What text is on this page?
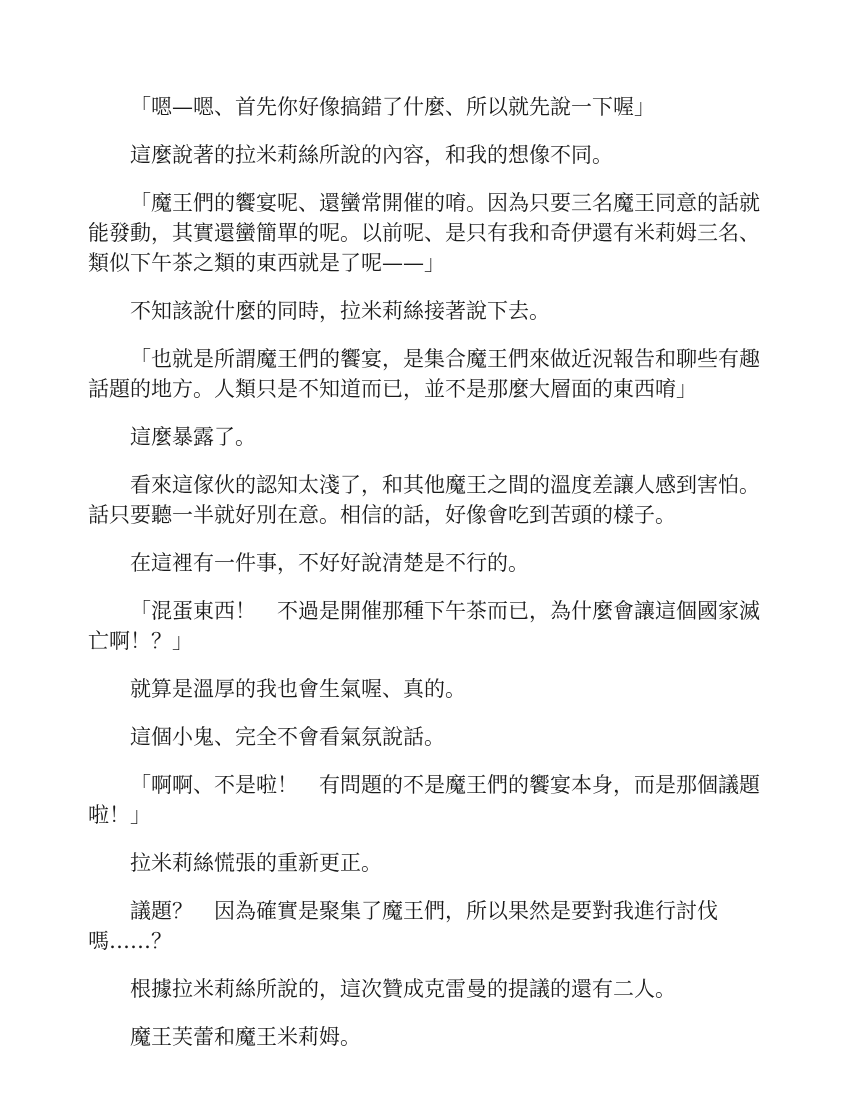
「嗯—嗯、首先你好像搞錯了什麼、所以就先說一下喔」

這麼說著的拉米莉絲所說的內容，和我的想像不同。

「魔王們的饗宴呢、還蠻常開催的唷。因為只要三名魔王同意的話就能發動，其實還蠻簡單的呢。以前呢、是只有我和奇伊還有米莉姆三名、類似下午茶之類的東西就是了呢——」

不知該說什麼的同時，拉米莉絲接著說下去。

「也就是所謂魔王們的饗宴，是集合魔王們來做近況報告和聊些有趣話題的地方。人類只是不知道而已，並不是那麼大層面的東西唷」

這麼暴露了。

看來這傢伙的認知太淺了，和其他魔王之間的溫度差讓人感到害怕。話只要聽一半就好別在意。相信的話，好像會吃到苦頭的樣子。

在這裡有一件事，不好好說清楚是不行的。

「混蛋東西！　不過是開催那種下午茶而已，為什麼會讓這個國家滅亡啊！？」

就算是溫厚的我也會生氣喔、真的。

這個小鬼、完全不會看氣氛說話。

「啊啊、不是啦！　有問題的不是魔王們的饗宴本身，而是那個議題啦！」

拉米莉絲慌張的重新更正。

議題？　因為確實是聚集了魔王們，所以果然是要對我進行討伐嗎……？

根據拉米莉絲所說的，這次贊成克雷曼的提議的還有二人。

魔王芙蕾和魔王米莉姆。
